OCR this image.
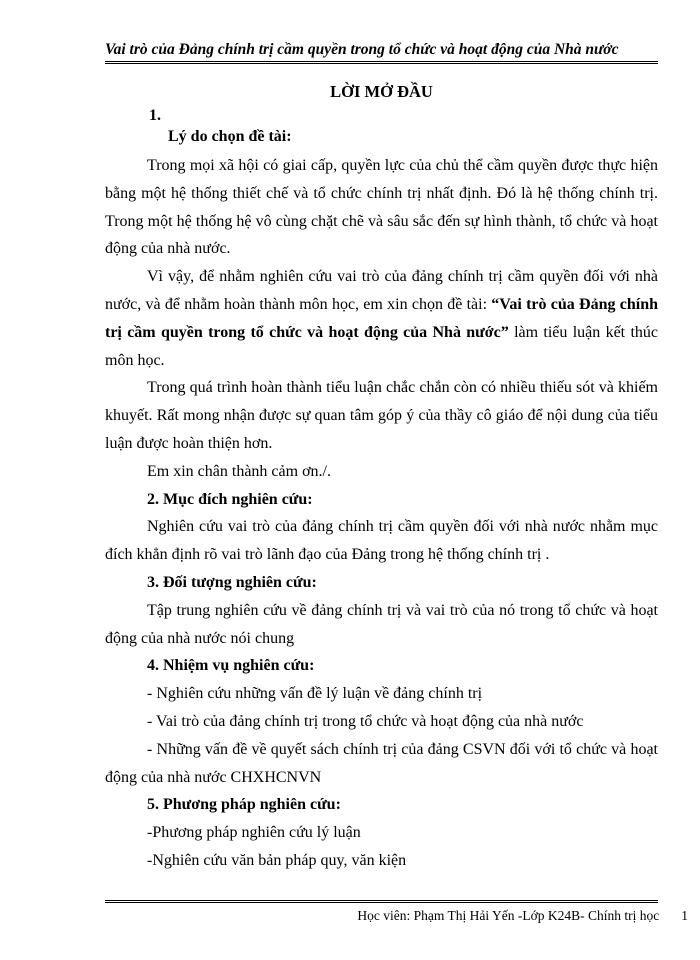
Vai trò của Đảng chính trị cầm quyền trong tổ chức và hoạt động của Nhà nước
LỜI MỞ ĐẦU
1.
Lý do chọn đề tài:

Trong mọi xã hội có giai cấp, quyền lực của chủ thể cầm quyền được thực hiện bằng một hệ thống thiết chế và tổ chức chính trị nhất định. Đó là hệ thống chính trị. Trong một hệ thống hệ vô cùng chặt chẽ và sâu sắc đến sự hình thành, tổ chức và hoạt động của nhà nước.

Vì vậy, để nhằm nghiên cứu vai trò của đảng chính trị cầm quyền đối với nhà nước, và để nhằm hoàn thành môn học, em xin chọn đề tài: “Vai trò của Đảng chính trị cầm quyền trong tổ chức và hoạt động của Nhà nước” làm tiểu luận kết thúc môn học.

Trong quá trình hoàn thành tiểu luận chắc chắn còn có nhiều thiếu sót và khiếm khuyết. Rất mong nhận được sự quan tâm góp ý của thầy cô giáo để nội dung của tiểu luận được hoàn thiện hơn.

Em xin chân thành cảm ơn./.

2. Mục đích nghiên cứu:

Nghiên cứu vai trò của đảng chính trị cầm quyền đối với nhà nước nhằm mục đích khẳn định rõ vai trò lãnh đạo của Đảng trong hệ thống chính trị .

3. Đối tượng nghiên cứu:

Tập trung nghiên cứu về đảng chính trị và vai trò của nó trong tổ chức và hoạt động của nhà nước nói chung

4. Nhiệm vụ nghiên cứu:

- Nghiên cứu những vấn đề lý luận về đảng chính trị

- Vai trò của đảng chính trị trong tổ chức và hoạt động của nhà nước

- Những vấn đề về quyết sách chính trị của đảng CSVN đối với tổ chức và hoạt động của nhà nước CHXHCNVN

5. Phương pháp nghiên cứu:

-Phương pháp nghiên cứu lý luận

-Nghiên cứu văn bản pháp quy, văn kiện

Học viên: Phạm Thị Hải Yến -Lớp K24B- Chính trị học 1
